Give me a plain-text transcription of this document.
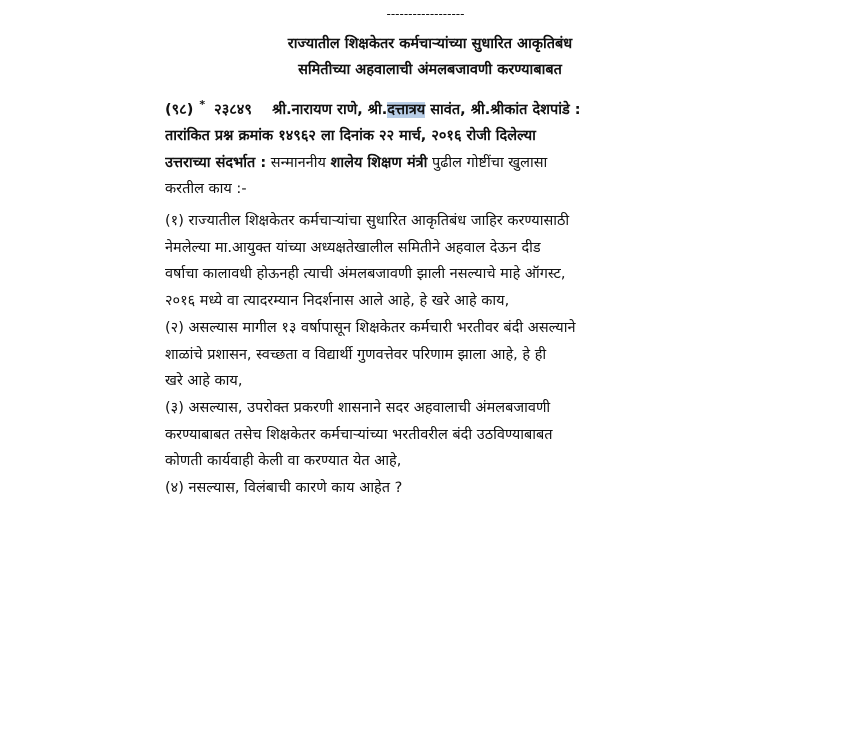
------------------
राज्यातील शिक्षकेतर कर्मचाऱ्यांच्या सुधारित आकृतिबंध
समितीच्या अहवालाची अंमलबजावणी करण्याबाबत
(९८) * २३८४९ श्री.नारायण राणे, श्री.दत्तात्रय सावंत, श्री.श्रीकांत देशपांडे :
तारांकित प्रश्न क्रमांक १४९६२ ला दिनांक २२ मार्च, २०१६ रोजी दिलेल्या
उत्तराच्या संदर्भात : सन्माननीय शालेय शिक्षण मंत्री पुढील गोष्टींचा खुलासा
करतील काय :-
(१) राज्यातील शिक्षकेतर कर्मचाऱ्यांचा सुधारित आकृतिबंध जाहिर करण्यासाठी
नेमलेल्या मा.आयुक्त यांच्या अध्यक्षतेखालील समितीने अहवाल देऊन दीड
वर्षाचा कालावधी होऊनही त्याची अंमलबजावणी झाली नसल्याचे माहे ऑगस्ट,
२०१६ मध्ये वा त्यादरम्यान निदर्शनास आले आहे, हे खरे आहे काय,
(२) असल्यास मागील १३ वर्षापासून शिक्षकेतर कर्मचारी भरतीवर बंदी असल्याने
शाळांचे प्रशासन, स्वच्छता व विद्यार्थी गुणवत्तेवर परिणाम झाला आहे, हे ही
खरे आहे काय,
(३) असल्यास, उपरोक्त प्रकरणी शासनाने सदर अहवालाची अंमलबजावणी
करण्याबाबत तसेच शिक्षकेतर कर्मचाऱ्यांच्या भरतीवरील बंदी उठविण्याबाबत
कोणती कार्यवाही केली वा करण्यात येत आहे,
(४) नसल्यास, विलंबाची कारणे काय आहेत ?
